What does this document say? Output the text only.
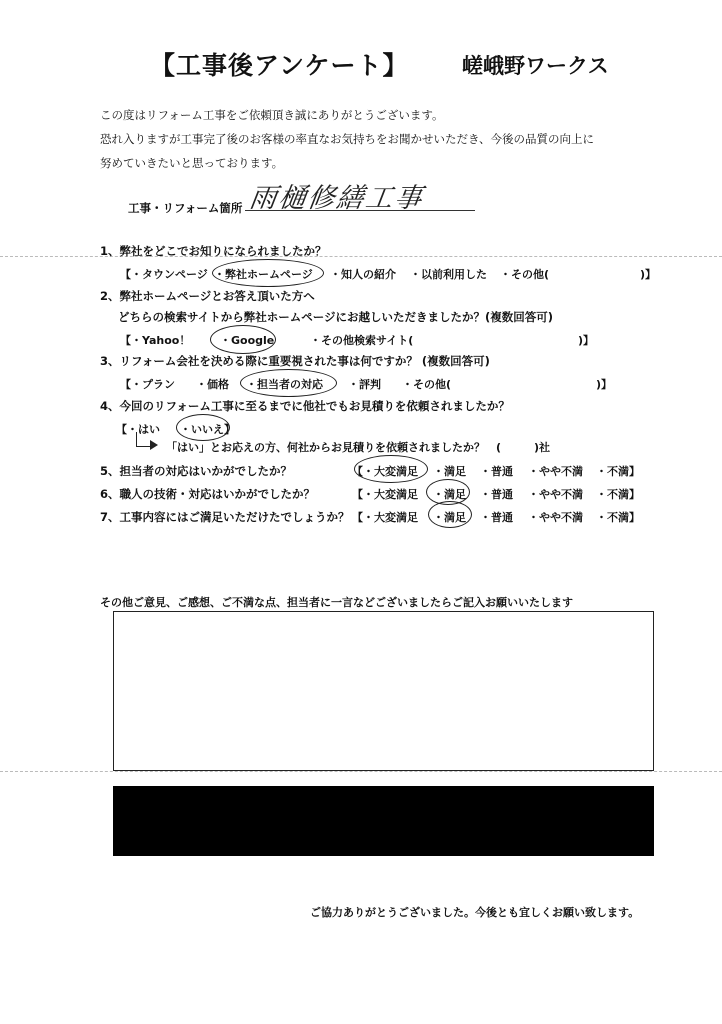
【工事後アンケート】	嵯峨野ワークス
この度はリフォーム工事をご依頼頂き誠にありがとうございます。
恐れ入りますが工事完了後のお客様の率直なお気持ちをお聞かせいただき、今後の品質の向上に
努めていきたいと思っております。
工事・リフォーム箇所 雨樋修繕工事
1、弊社をどこでお知りになられましたか？
【・タウンページ ・弊社ホームページ ・知人の紹介 ・以前利用した ・その他(	)】
2、弊社ホームページとお答え頂いた方へ
どちらの検索サイトから弊社ホームページにお越しいただきましたか？(複数回答可)
【・Yahoo！	・Google	・その他検索サイト(	)】
3、リフォーム会社を決める際に重要視された事は何ですか？ (複数回答可)
【・プラン ・価格 ・担当者の対応 ・評判 ・その他(	)】
4、今回のリフォーム工事に至るまでに他社でもお見積りを依頼されましたか？
【・はい ・いいえ】
「はい」とお応えの方、何社からお見積りを依頼されましたか？　(　　　)社
5、担当者の対応はいかがでしたか？	【・大変満足 ・満足 ・普通 ・やや不満 ・不満】
6、職人の技術・対応はいかがでしたか？	【・大変満足 ・満足 ・普通 ・やや不満 ・不満】
7、工事内容にはご満足いただけたでしょうか？ 【・大変満足 ・満足 ・普通 ・やや不満 ・不満】
その他ご意見、ご感想、ご不満な点、担当者に一言などございましたらご記入お願いいたします
ご協力ありがとうございました。今後とも宜しくお願い致します。
